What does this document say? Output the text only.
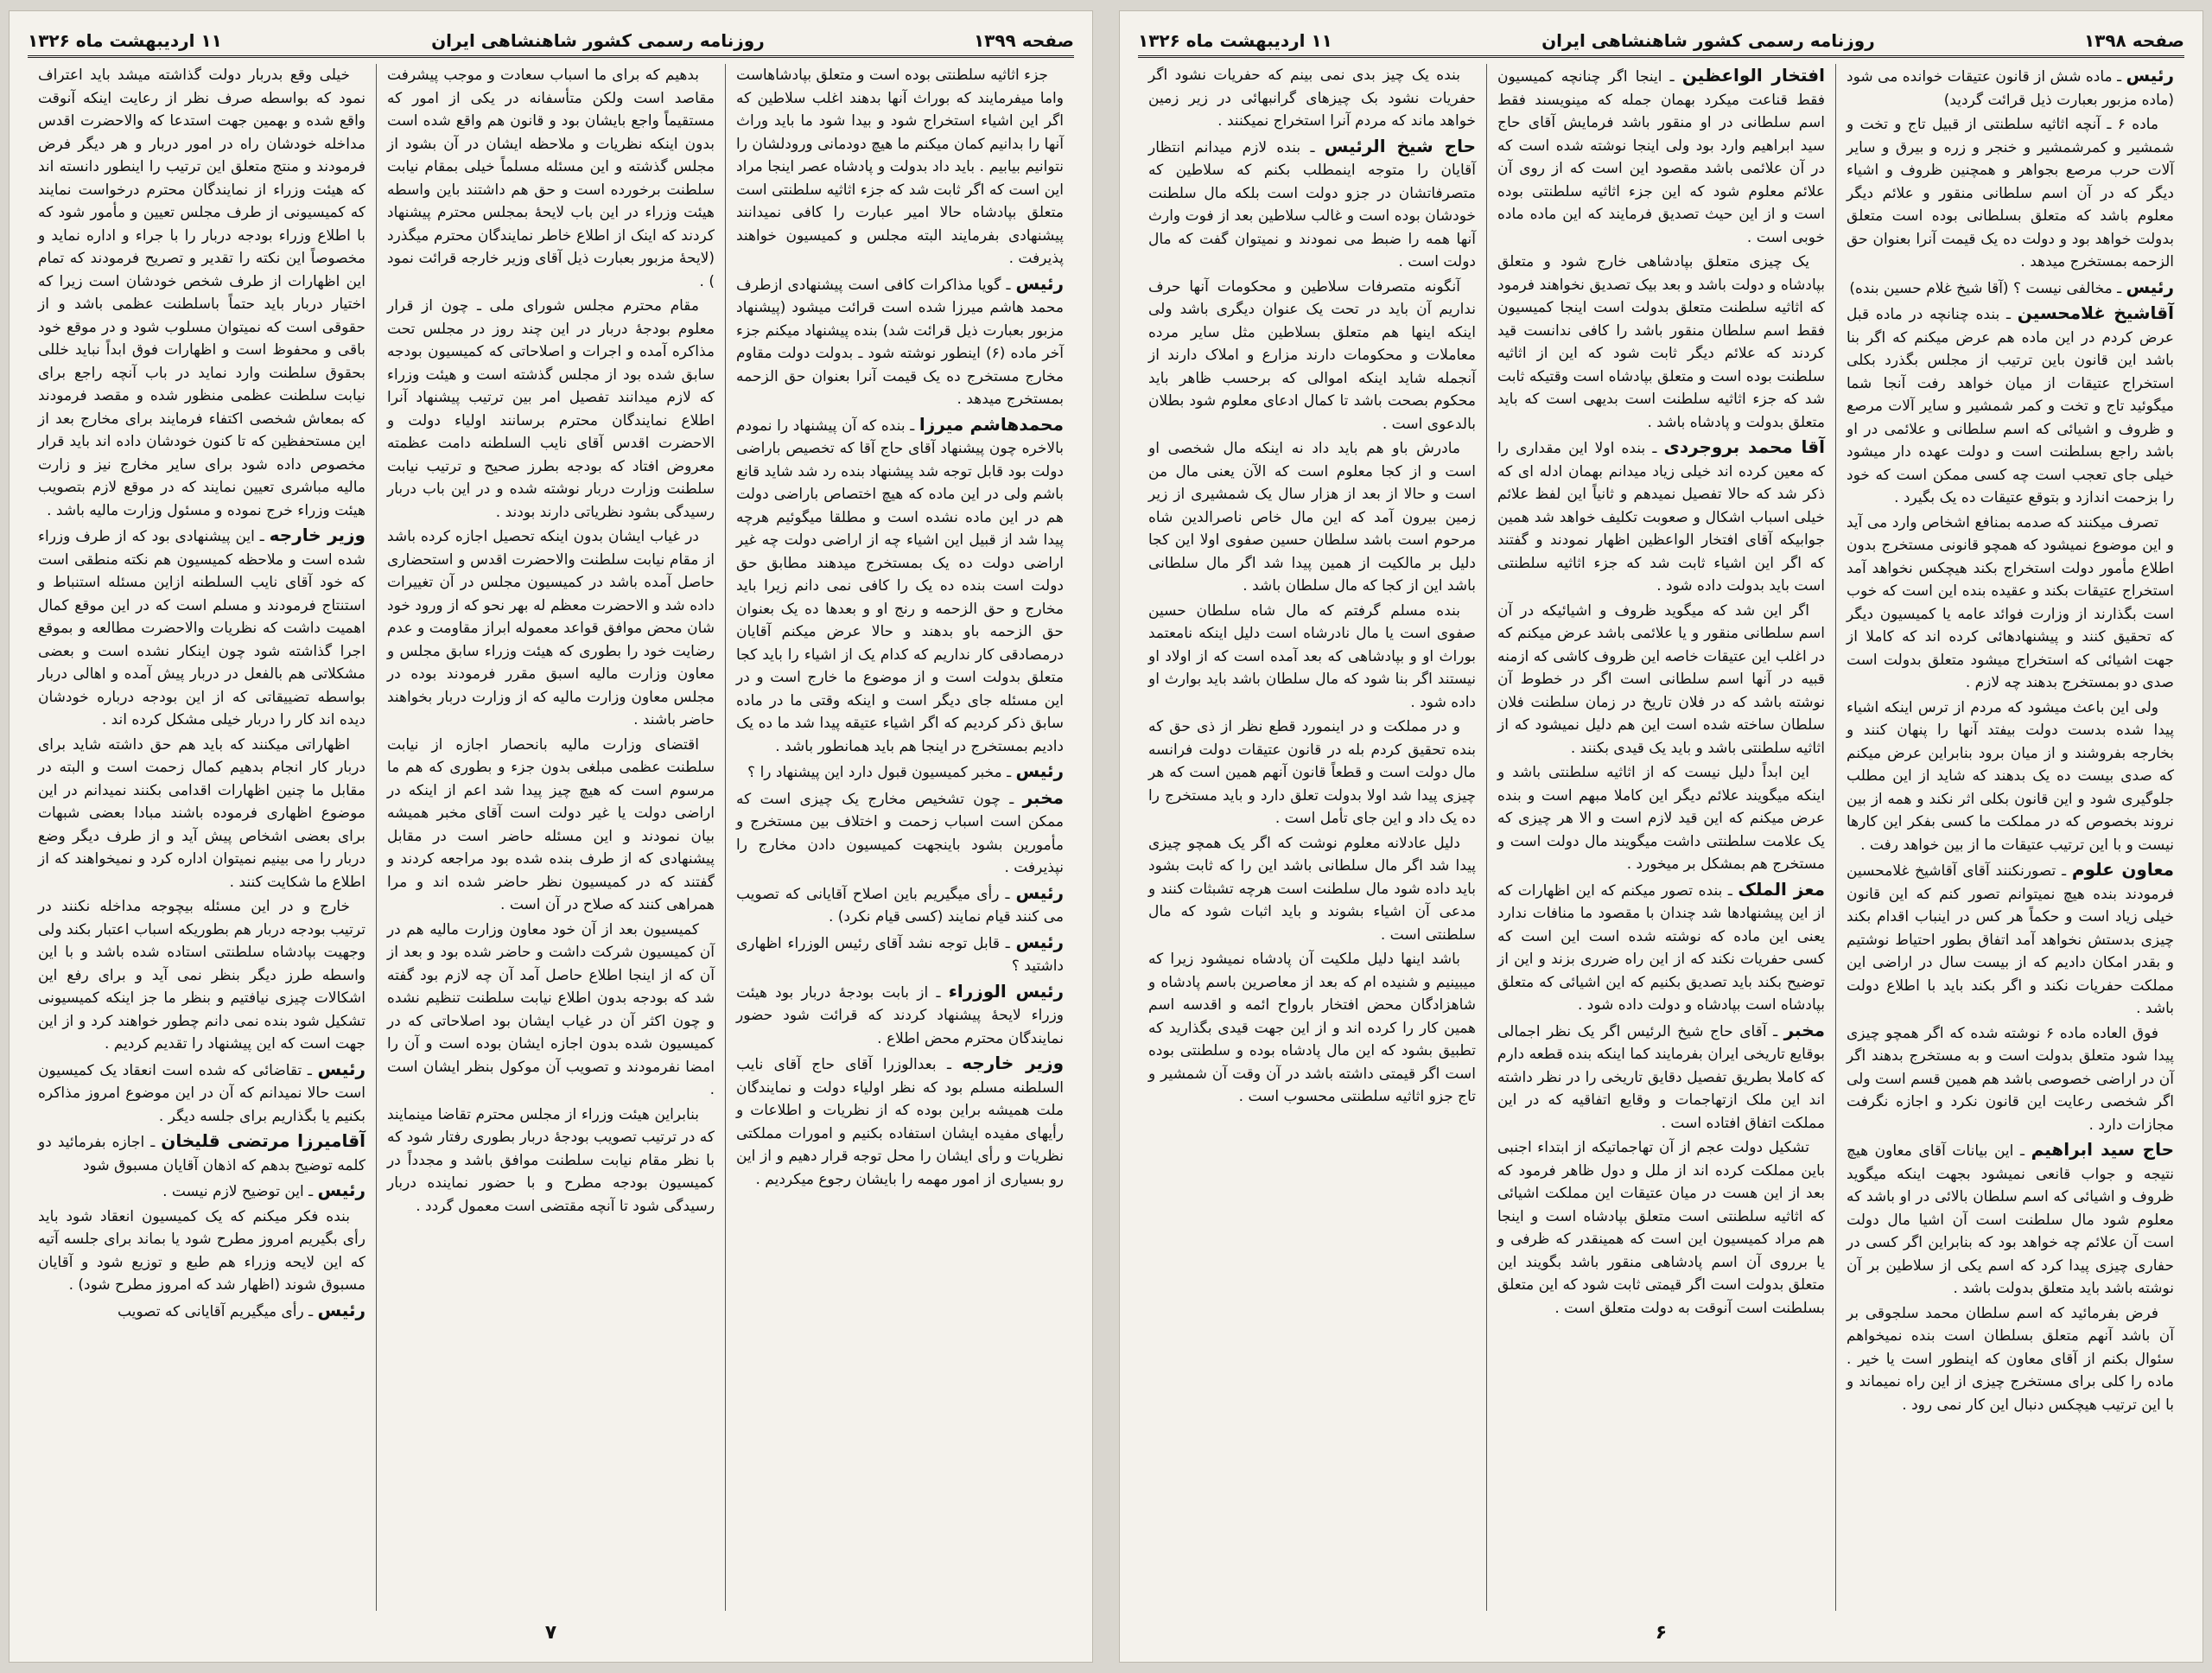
صفحه ۱۳۹۹
روزنامه رسمی کشور شاهنشاهی ایران
۱۱ اردیبهشت ماه ۱۳۲۶

جزء اثاثیه سلطنتی بوده است و متعلق بپادشاهاست واما میفرمایند که بوراث آنها بدهند اغلب سلاطین که اگر این اشیاء استخراج شود و بیدا شود ما باید وراث آنها را بدانیم کمان میکنم ما هیچ دودمانی ورودلشان را نتوانیم بیابیم . باید داد بدولت و پادشاه عصر اینجا مراد این است که اگر ثابت شد که جزء اثاثیه سلطنتی است متعلق بپادشاه حالا امیر عبارت را کافی نمیدانند پیشنهادی بفرمایند البته مجلس و کمیسیون خواهند پذیرفت .

رئیس ـ گویا مذاکرات کافی است پیشنهادی ازطرف محمد هاشم میرزا شده است قرائت میشود (پیشنهاد مزبور بعبارت ذیل قرائت شد) بنده پیشنهاد میکنم جزء آخر ماده (۶) اینطور نوشته شود ـ بدولت دولت مقاوم مخارج مستخرج ده یک قیمت آنرا بعنوان حق الزحمه بمستخرج میدهد .

محمدهاشم میرزا ـ بنده که آن پیشنهاد را نمودم بالاخره چون پیشنهاد آقای حاج آقا که تخصیص باراضی دولت بود قابل توجه شد پیشنهاد بنده رد شد شاید قانع باشم ولی در این ماده که هیچ اختصاص باراضی دولت هم در این ماده نشده است و مطلقا میگوئیم هرچه پیدا شد از قبیل این اشیاء چه از اراضی دولت چه غیر اراضی دولت ده یک بمستخرج میدهند مطابق حق دولت است بنده ده یک را کافی نمی دانم زیرا باید مخارج و حق الزحمه و رنج او و بعدها ده یک بعنوان حق الزحمه باو بدهند و حالا عرض میکنم آقایان درمصادقی کار نداریم که کدام یک از اشیاء را باید کجا متعلق بدولت است و از موضوع ما خارج است و در این مسئله جای دیگر است و اینکه وقتی ما در ماده سابق ذکر کردیم که اگر اشیاء عتیقه پیدا شد ما ده یک دادیم بمستخرج در اینجا هم باید همانطور باشد .

رئیس ـ مخبر کمیسیون قبول دارد این پیشنهاد را ؟

مخبر ـ چون تشخیص مخارج یک چیزی است که ممکن است اسباب زحمت و اختلاف بین مستخرج و مأمورین بشود باینجهت کمیسیون دادن مخارج را نپذیرفت .

رئیس ـ رأی میگیریم باین اصلاح آقایانی که تصویب می کنند قیام نمایند (کسی قیام نکرد) .

رئیس ـ قابل توجه نشد آقای رئیس الوزراء اظهاری داشتید ؟

رئیس الوزراء ـ از بابت بودجهٔ دربار بود هیئت وزراء لایحهٔ پیشنهاد کردند که قرائت شود حضور نمایندگان محترم محض اطلاع .

وزیر خارجه ـ بعدالوزرا آقای حاج آقای نایب السلطنه مسلم بود که نظر اولیاء دولت و نمایندگان ملت همیشه براین بوده که از نظریات و اطلاعات و رأیهای مفیده ایشان استفاده بکنیم و امورات مملکتی نظریات و رأی ایشان را محل توجه قرار دهیم و از این رو بسیاری از امور مهمه را بایشان رجوع میکردیم .

بدهیم که برای ما اسباب سعادت و موجب پیشرفت مقاصد است ولکن متأسفانه در یکی از امور که مستقیماً واجع بایشان بود و قانون هم واقع شده است بدون اینکه نظریات و ملاحظه ایشان در آن بشود از مجلس گذشته و این مسئله مسلماً خیلی بمقام نیابت سلطنت برخورده است و حق هم داشتند باین واسطه هیئت وزراء در این باب لایحهٔ بمجلس محترم پیشنهاد کردند که اینک از اطلاع خاطر نمایندگان محترم میگذرد (لایحهٔ مزبور بعبارت ذیل آقای وزیر خارجه قرائت نمود ) .

مقام محترم مجلس شورای ملی ـ چون از قرار معلوم بودجهٔ دربار در این چند روز در مجلس تحت مذاکره آمده و اجرات و اصلاحاتی که کمیسیون بودجه سابق شده بود از مجلس گذشته است و هیئت وزراء که لازم میدانند تفصیل امر بین ترتیب پیشنهاد آنرا اطلاع نمایندگان محترم برسانند اولیاء دولت و الاحضرت اقدس آقای نایب السلطنه دامت عظمته معروض افتاد که بودجه بطرز صحیح و ترتیب نیابت سلطنت وزارت دربار نوشته شده و در این باب دربار رسیدگی بشود نظریاتی دارند بودند .

در غیاب ایشان بدون اینکه تحصیل اجازه کرده باشد از مقام نیابت سلطنت والاحضرت اقدس و استحضاری حاصل آمده باشد در کمیسیون مجلس در آن تغییرات داده شد و الاحضرت معظم له بهر نحو که از ورود خود شان محض موافق قواعد معموله ابراز مقاومت و عدم رضایت خود را بطوری که هیئت وزراء سابق مجلس و معاون وزارت مالیه اسبق مقرر فرمودند بوده در مجلس معاون وزارت مالیه که از وزارت دربار بخواهند حاضر باشند .

اقتضای وزارت مالیه بانحصار اجازه از نیابت سلطنت عظمی مبلغی بدون جزء و بطوری که هم ما مرسوم است که هیچ چیز پیدا شد اعم از اینکه در اراضی دولت یا غیر دولت است آقای مخبر همیشه بیان نمودند و این مسئله حاضر است در مقابل پیشنهادی که از طرف بنده شده بود مراجعه کردند و گفتند که در کمیسیون نظر حاضر شده اند و مرا همراهی کنند که صلاح در آن است .

کمیسیون بعد از آن خود معاون وزارت مالیه هم در آن کمیسیون شرکت داشت و حاضر شده بود و بعد از آن که از اینجا اطلاع حاصل آمد آن چه لازم بود گفته شد که بودجه بدون اطلاع نیابت سلطنت تنظیم نشده و چون اکثر آن در غیاب ایشان بود اصلاحاتی که در کمیسیون شده بدون اجازه ایشان بوده است و آن را امضا نفرمودند و تصویب آن موکول بنظر ایشان است .

بنابراین هیئت وزراء از مجلس محترم تقاضا مینمایند که در ترتیب تصویب بودجهٔ دربار بطوری رفتار شود که با نظر مقام نیابت سلطنت موافق باشد و مجدداً در کمیسیون بودجه مطرح و با حضور نماینده دربار رسیدگی شود تا آنچه مقتضی است معمول گردد .

خیلی وقع بدربار دولت گذاشته میشد باید اعتراف نمود که بواسطه صرف نظر از رعایت اینکه آنوقت واقع شده و بهمین جهت استدعا که والاحضرت اقدس مداخله خودشان راه در امور دربار و هر دیگر فرض فرمودند و منتج متعلق این ترتیب را اینطور دانسته اند که هیئت وزراء از نمایندگان محترم درخواست نمایند که کمیسیونی از طرف مجلس تعیین و مأمور شود که با اطلاع وزراء بودجه دربار را با جراء و اداره نماید و مخصوصاً این نکته را تقدیر و تصریح فرمودند که تمام این اظهارات از طرف شخص خودشان است زیرا که اختیار دربار باید حتماً باسلطنت عظمی باشد و از حقوقی است که نمیتوان مسلوب شود و در موقع خود باقی و محفوظ است و اظهارات فوق ابداً نباید خللی بحقوق سلطنت وارد نماید در باب آنچه راجع برای نیابت سلطنت عظمی منظور شده و مقصد فرمودند که بمعاش شخصی اکتفاء فرمایند برای مخارج بعد از این مستحفظین که تا کنون خودشان داده اند باید قرار مخصوص داده شود برای سایر مخارج نیز و زارت مالیه مباشری تعیین نمایند که در موقع لازم بتصویب هیئت وزراء خرج نموده و مسئول وزارت مالیه باشد .

وزیر خارجه ـ این پیشنهادی بود که از طرف وزراء شده است و ملاحظه کمیسیون هم نکته منطقی است که خود آقای نایب السلطنه ازاین مسئله استنباط و استنتاج فرمودند و مسلم است که در این موقع کمال اهمیت داشت که نظریات والاحضرت مطالعه و بموقع اجرا گذاشته شود چون اینکار نشده است و بعضی مشکلاتی هم بالفعل در دربار پیش آمده و اهالی دربار بواسطه تضییقاتی که از این بودجه درباره خودشان دیده اند کار را دربار خیلی مشکل کرده اند .

اظهاراتی میکنند که باید هم حق داشته شاید برای دربار کار انجام بدهیم کمال زحمت است و البته در مقابل ما چنین اظهارات اقدامی بکنند نمیدانم در این موضوع اظهاری فرموده باشند مبادا بعضی شبهات برای بعضی اشخاص پیش آید و از طرف دیگر وضع دربار را می بینیم نمیتوان اداره کرد و نمیخواهند که از اطلاع ما شکایت کنند .

خارج و در این مسئله بیچوجه مداخله نکنند در ترتیب بودجه دربار هم بطوریکه اسباب اعتبار بکند ولی وجهیت بپادشاه سلطنتی استاده شده باشد و با این واسطه طرز دیگر بنظر نمی آید و برای رفع این اشکالات چیزی نیافتیم و بنظر ما جز اینکه کمیسیونی تشکیل شود بنده نمی دانم چطور خواهند کرد و از این جهت است که این پیشنهاد را تقدیم کردیم .

رئیس ـ تقاضائی که شده است انعقاد یک کمیسیون است حالا نمیدانم که آن در این موضوع امروز مذاکره بکنیم یا بگذاریم برای جلسه دیگر .

آقامیرزا مرتضی قلیخان ـ اجازه بفرمائید دو کلمه توضیح بدهم که اذهان آقایان مسبوق شود

رئیس ـ این توضیح لازم نیست .

بنده فکر میکنم که یک کمیسیون انعقاد شود باید رأی بگیریم امروز مطرح شود یا بماند برای جلسه آتیه که این لایحه وزراء هم طبع و توزیع شود و آقایان مسبوق شوند (اظهار شد که امروز مطرح شود) .

رئیس ـ رأی میگیریم آقایانی که تصویب

۷
صفحه ۱۳۹۸
روزنامه رسمی کشور شاهنشاهی ایران
۱۱ اردیبهشت ماه ۱۳۲۶

رئیس ـ ماده شش از قانون عتیقات خوانده می شود (ماده مزبور بعبارت ذیل قرائت گردید)

ماده ۶ ـ آنچه اثاثیه سلطنتی از قبیل تاج و تخت و شمشیر و کمرشمشیر و خنجر و زره و بیرق و سایر آلات حرب مرصع بجواهر و همچنین ظروف و اشیاء دیگر که در آن اسم سلطانی منقور و علائم دیگر معلوم باشد که متعلق بسلطانی بوده است متعلق بدولت خواهد بود و دولت ده یک قیمت آنرا بعنوان حق الزحمه بمستخرج میدهد .

رئیس ـ مخالفی نیست ؟ (آقا شیخ غلام حسین بنده)

آقاشیخ غلامحسین ـ بنده چنانچه در ماده قبل عرض کردم در این ماده هم عرض میکنم که اگر بنا باشد این قانون باین ترتیب از مجلس بگذرد بکلی استخراج عتیقات از میان خواهد رفت آنجا شما میگوئید تاج و تخت و کمر شمشیر و سایر آلات مرصع و ظروف و اشیائی که اسم سلطانی و علائمی در او باشد راجع بسلطنت است و دولت عهده دار میشود خیلی جای تعجب است چه کسی ممکن است که خود را بزحمت اندازد و بتوقع عتیقات ده یک بگیرد .

تصرف میکنند که صدمه بمنافع اشخاص وارد می آید و این موضوع نمیشود که همچو قانونی مستخرج بدون اطلاع مأمور دولت استخراج بکند هیچکس نخواهد آمد استخراج عتیقات بکند و عقیده بنده این است که خوب است بگذارند از وزارت فوائد عامه یا کمیسیون دیگر که تحقیق کنند و پیشنهادهائی کرده اند که کاملا از جهت اشیائی که استخراج میشود متعلق بدولت است صدی دو بمستخرج بدهند چه لازم .

ولی این باعث میشود که مردم از ترس اینکه اشیاء پیدا شده بدست دولت بیفتد آنها را پنهان کنند و بخارجه بفروشند و از میان برود بنابراین عرض میکنم که صدی بیست ده یک بدهند که شاید از این مطلب جلوگیری شود و این قانون بکلی اثر نکند و همه از بین نروند بخصوص که در مملکت ما کسی بفکر این کارها نیست و با این ترتیب عتیقات ما از بین خواهد رفت .

معاون علوم ـ تصورنکنند آقای آقاشیخ غلامحسین فرمودند بنده هیچ نمیتوانم تصور کنم که این قانون خیلی زیاد است و حکماً هر کس در اینباب اقدام بکند چیزی بدستش نخواهد آمد اتفاق بطور احتیاط نوشتیم و بقدر امکان دادیم که از بیست سال در اراضی این مملکت حفریات نکند و اگر بکند باید با اطلاع دولت باشد .

فوق العاده ماده ۶ نوشته شده که اگر همچو چیزی پیدا شود متعلق بدولت است و به مستخرج بدهند اگر آن در اراضی خصوصی باشد هم همین قسم است ولی اگر شخصی رعایت این قانون نکرد و اجازه نگرفت مجازات دارد .

حاج سید ابراهیم ـ این بیانات آقای معاون هیچ نتیجه و جواب قانعی نمیشود بجهت اینکه میگوید ظروف و اشیائی که اسم سلطان بالائی در او باشد که معلوم شود مال سلطنت است آن اشیا مال دولت است آن علائم چه خواهد بود که بنابراین اگر کسی در حفاری چیزی پیدا کرد که اسم یکی از سلاطین بر آن نوشته باشد باید متعلق بدولت باشد .

فرض بفرمائید که اسم سلطان محمد سلجوقی بر آن باشد آنهم متعلق بسلطان است بنده نمیخواهم سئوال بکنم از آقای معاون که اینطور است یا خیر . ماده را کلی برای مستخرج چیزی از این راه نمیماند و با این ترتیب هیچکس دنبال این کار نمی رود .

افتخار الواعظین ـ اینجا اگر چنانچه کمیسیون فقط قناعت میکرد بهمان جمله که مینویسند فقط اسم سلطانی در او منقور باشد فرمایش آقای حاج سید ابراهیم وارد بود ولی اینجا نوشته شده است که در آن علائمی باشد مقصود این است که از روی آن علائم معلوم شود که این جزء اثاثیه سلطنتی بوده است و از این حیث تصدیق فرمایند که این ماده ماده خوبی است .

یک چیزی متعلق بپادشاهی خارج شود و متعلق بپادشاه و دولت باشد و بعد بیک تصدیق نخواهند فرمود که اثاثیه سلطنت متعلق بدولت است اینجا کمیسیون فقط اسم سلطان منقور باشد را کافی ندانست قید کردند که علائم دیگر ثابت شود که این از اثاثیه سلطنت بوده است و متعلق بپادشاه است وقتیکه ثابت شد که جزء اثاثیه سلطنت است بدیهی است که باید متعلق بدولت و پادشاه باشد .

آقا محمد بروجردی ـ بنده اولا این مقداری را که معین کرده اند خیلی زیاد میدانم بهمان ادله ای که ذکر شد که حالا تفصیل نمیدهم و ثانیاً این لفظ علائم خیلی اسباب اشکال و صعوبت تکلیف خواهد شد همین جوابیکه آقای افتخار الواعظین اظهار نمودند و گفتند که اگر این اشیاء ثابت شد که جزء اثاثیه سلطنتی است باید بدولت داده شود .

اگر این شد که میگوید ظروف و اشیائیکه در آن اسم سلطانی منقور و یا علائمی باشد عرض میکنم که در اغلب این عتیقات خاصه این ظروف کاشی که ازمنه قبیه در آنها اسم سلطانی است اگر در خطوط آن نوشته باشد که در فلان تاریخ در زمان سلطنت فلان سلطان ساخته شده است این هم دلیل نمیشود که از اثاثیه سلطنتی باشد و باید یک قیدی بکنند .

این ابداً دلیل نیست که از اثاثیه سلطنتی باشد و اینکه میگویند علائم دیگر این کاملا مبهم است و بنده عرض میکنم که این قید لازم است و الا هر چیزی که یک علامت سلطنتی داشت میگویند مال دولت است و مستخرج هم بمشکل بر میخورد .

معز الملک ـ بنده تصور میکنم که این اظهارات که از این پیشنهادها شد چندان با مقصود ما منافات ندارد یعنی این ماده که نوشته شده است این است که کسی حفریات نکند که از این راه ضرری بزند و این از توضیح بکند باید تصدیق بکنیم که این اشیائی که متعلق بپادشاه است بپادشاه و دولت داده شود .

مخبر ـ آقای حاج شیخ الرئیس اگر یک نظر اجمالی بوقایع تاریخی ایران بفرمایند کما اینکه بنده قطعه دارم که کاملا بطریق تفصیل دقایق تاریخی را در نظر داشته اند این ملک ازتهاجمات و وقایع اتفاقیه که در این مملکت اتفاق افتاده است .

تشکیل دولت عجم از آن تهاجماتیکه از ابتداء اجنبی باین مملکت کرده اند از ملل و دول ظاهر فرمود که بعد از این هست در میان عتیقات این مملکت اشیائی که اثاثیه سلطنتی است متعلق بپادشاه است و اینجا هم مراد کمیسیون این است که همینقدر که ظرفی و یا برروی آن اسم پادشاهی منقور باشد بگویند این متعلق بدولت است اگر قیمتی ثابت شود که این متعلق بسلطنت است آنوقت به دولت متعلق است .

بنده یک چیز بدی نمی بینم که حفریات نشود اگر حفریات نشود بک چیزهای گرانبهائی در زیر زمین خواهد ماند که مردم آنرا استخراج نمیکنند .

حاج شیخ الرئیس ـ بنده لازم میدانم انتظار آقایان را متوجه اینمطلب بکنم که سلاطین که متصرفاتشان در جزو دولت است بلکه مال سلطنت خودشان بوده است و غالب سلاطین بعد از فوت وارث آنها همه را ضبط می نمودند و نمیتوان گفت که مال دولت است .

آنگونه متصرفات سلاطین و محکومات آنها حرف نداریم آن باید در تحت یک عنوان دیگری باشد ولی اینکه اینها هم متعلق بسلاطین مثل سایر مرده معاملات و محکومات دارند مزارع و املاک دارند از آنجمله شاید اینکه اموالی که برحسب ظاهر باید محکوم بصحت باشد تا کمال ادعای معلوم شود بطلان بالدعوی است .

مادرش باو هم باید داد نه اینکه مال شخصی او است و از کجا معلوم است که الآن یعنی مال من است و حالا از بعد از هزار سال یک شمشیری از زیر زمین بیرون آمد که این مال خاص ناصرالدین شاه مرحوم است باشد سلطان حسین صفوی اولا این کجا دلیل بر مالکیت از همین پیدا شد اگر مال سلطانی باشد این از کجا که مال سلطان باشد .

بنده مسلم گرفتم که مال شاه سلطان حسین صفوی است یا مال نادرشاه است دلیل اینکه نامعتمد بوراث او و بپادشاهی که بعد آمده است که از اولاد او نیستند اگر بنا شود که مال سلطان باشد باید بوارث او داده شود .

و در مملکت و در اینمورد قطع نظر از ذی حق که بنده تحقیق کردم بله در قانون عتیقات دولت فرانسه مال دولت است و قطعاً قانون آنهم همین است که هر چیزی پیدا شد اولا بدولت تعلق دارد و باید مستخرج را ده یک داد و این جای تأمل است .

دلیل عادلانه معلوم نوشت که اگر یک همچو چیزی پیدا شد اگر مال سلطانی باشد این را که ثابت بشود باید داده شود مال سلطنت است هرچه تشبثات کنند و مدعی آن اشیاء بشوند و باید اثبات شود که مال سلطنتی است .

باشد اینها دلیل ملکیت آن پادشاه نمیشود زیرا که میبینیم و شنیده ام که بعد از معاصرین باسم پادشاه و شاهزادگان محض افتخار بارواح ائمه و اقدسه اسم همین کار را کرده اند و از این جهت قیدی بگذارید که تطبیق بشود که این مال پادشاه بوده و سلطنتی بوده است اگر قیمتی داشته باشد در آن وقت آن شمشیر و تاج جزو اثاثیه سلطنتی محسوب است .

۶
